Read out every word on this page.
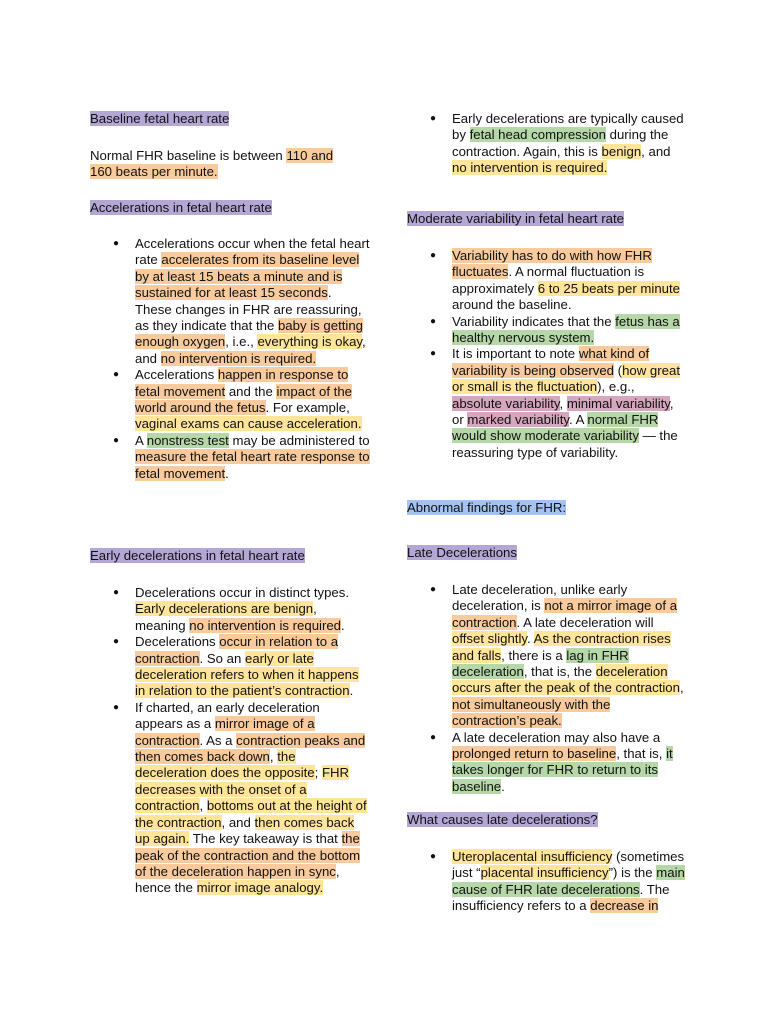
Baseline fetal heart rate
Normal FHR baseline is between 110 and 160 beats per minute.
Accelerations in fetal heart rate
● Accelerations occur when the fetal heart rate accelerates from its baseline level by at least 15 beats a minute and is sustained for at least 15 seconds. These changes in FHR are reassuring, as they indicate that the baby is getting enough oxygen, i.e., everything is okay, and no intervention is required.
● Accelerations happen in response to fetal movement and the impact of the world around the fetus. For example, vaginal exams can cause acceleration.
● A nonstress test may be administered to measure the fetal heart rate response to fetal movement.
Early decelerations in fetal heart rate
● Decelerations occur in distinct types. Early decelerations are benign, meaning no intervention is required.
● Decelerations occur in relation to a contraction. So an early or late deceleration refers to when it happens in relation to the patient’s contraction.
● If charted, an early deceleration appears as a mirror image of a contraction. As a contraction peaks and then comes back down, the deceleration does the opposite; FHR decreases with the onset of a contraction, bottoms out at the height of the contraction, and then comes back up again. The key takeaway is that the peak of the contraction and the bottom of the deceleration happen in sync, hence the mirror image analogy.
● Early decelerations are typically caused by fetal head compression during the contraction. Again, this is benign, and no intervention is required.
Moderate variability in fetal heart rate
● Variability has to do with how FHR fluctuates. A normal fluctuation is approximately 6 to 25 beats per minute around the baseline.
● Variability indicates that the fetus has a healthy nervous system.
● It is important to note what kind of variability is being observed (how great or small is the fluctuation), e.g., absolute variability, minimal variability, or marked variability. A normal FHR would show moderate variability — the reassuring type of variability.
Abnormal findings for FHR:
Late Decelerations
● Late deceleration, unlike early deceleration, is not a mirror image of a contraction. A late deceleration will offset slightly. As the contraction rises and falls, there is a lag in FHR deceleration, that is, the deceleration occurs after the peak of the contraction, not simultaneously with the contraction’s peak.
● A late deceleration may also have a prolonged return to baseline, that is, it takes longer for FHR to return to its baseline.
What causes late decelerations?
● Uteroplacental insufficiency (sometimes just “placental insufficiency”) is the main cause of FHR late decelerations. The insufficiency refers to a decrease in
